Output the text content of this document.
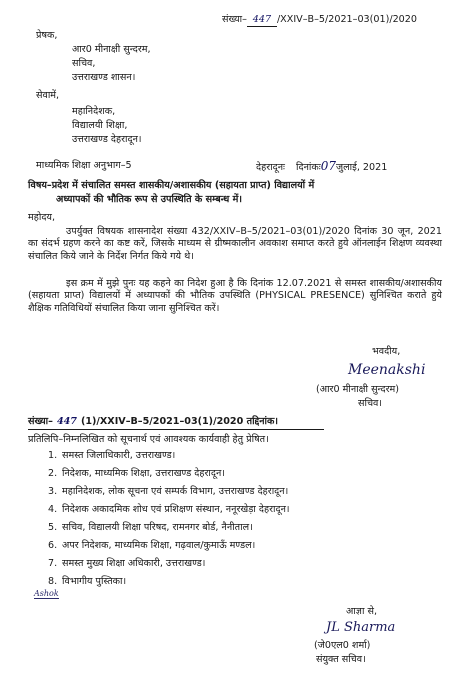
संख्या– 447 /XXIV–B–5/2021–03(01)/2020
प्रेषक,
आर0 मीनाक्षी सुन्दरम,
सचिव,
उत्तराखण्ड शासन।
सेवामें,
महानिदेशक,
विद्यालयी शिक्षा,
उत्तराखण्ड देहरादून।
माध्यमिक शिक्षा अनुभाग–5	देहरादूनः दिनांकः07जुलाई, 2021
विषय–प्रदेश में संचालित समस्त शासकीय/अशासकीय (सहायता प्राप्त) विद्यालयों में
अध्यापकों की भौतिक रूप से उपस्थिति के सम्बन्ध में।
महोदय,
उपर्युक्त विषयक शासनादेश संख्या 432/XXIV–B–5/2021–03(01)/2020 दिनांक 30 जून, 2021 का संदर्भ ग्रहण करने का कष्ट करें, जिसके माध्यम से ग्रीष्मकालीन अवकाश समाप्त करते हुये ऑनलाईन शिक्षण व्यवस्था संचालित किये जाने के निर्देश निर्गत किये गये थे।
इस क्रम में मुझे पुनः यह कहने का निदेश हुआ है कि दिनांक 12.07.2021 से समस्त शासकीय/अशासकीय (सहायता प्राप्त) विद्यालयों में अध्यापकों की भौतिक उपस्थिति (PHYSICAL PRESENCE) सुनिश्चित कराते हुये शैक्षिक गतिविधियों संचालित किया जाना सुनिश्चित करें।
भवदीय,
Meenakshi
(आर0 मीनाक्षी सुन्दरम)
सचिव।
संख्या– 447 (1)/XXIV–B–5/2021–03(1)/2020 तद्दिनांक।
प्रतिलिपि–निम्नलिखित को सूचनार्थ एवं आवश्यक कार्यवाही हेतु प्रेषित।
1. समस्त जिलाधिकारी, उत्तराखण्ड।
2. निदेशक, माध्यमिक शिक्षा, उत्तराखण्ड देहरादून।
3. महानिदेशक, लोक सूचना एवं सम्पर्क विभाग, उत्तराखण्ड देहरादून।
4. निदेशक अकादमिक शोध एवं प्रशिक्षण संस्थान, ननूरखेड़ा देहरादून।
5. सचिव, विद्यालयी शिक्षा परिषद, रामनगर बोर्ड, नैनीताल।
6. अपर निदेशक, माध्यमिक शिक्षा, गढ़वाल/कुमाऊँ मण्डल।
7. समस्त मुख्य शिक्षा अधिकारी, उत्तराखण्ड।
8. विभागीय पुस्तिका।
Ashok
आज्ञा से,
JL Sharma
(जे0एल0 शर्मा)
संयुक्त सचिव।
